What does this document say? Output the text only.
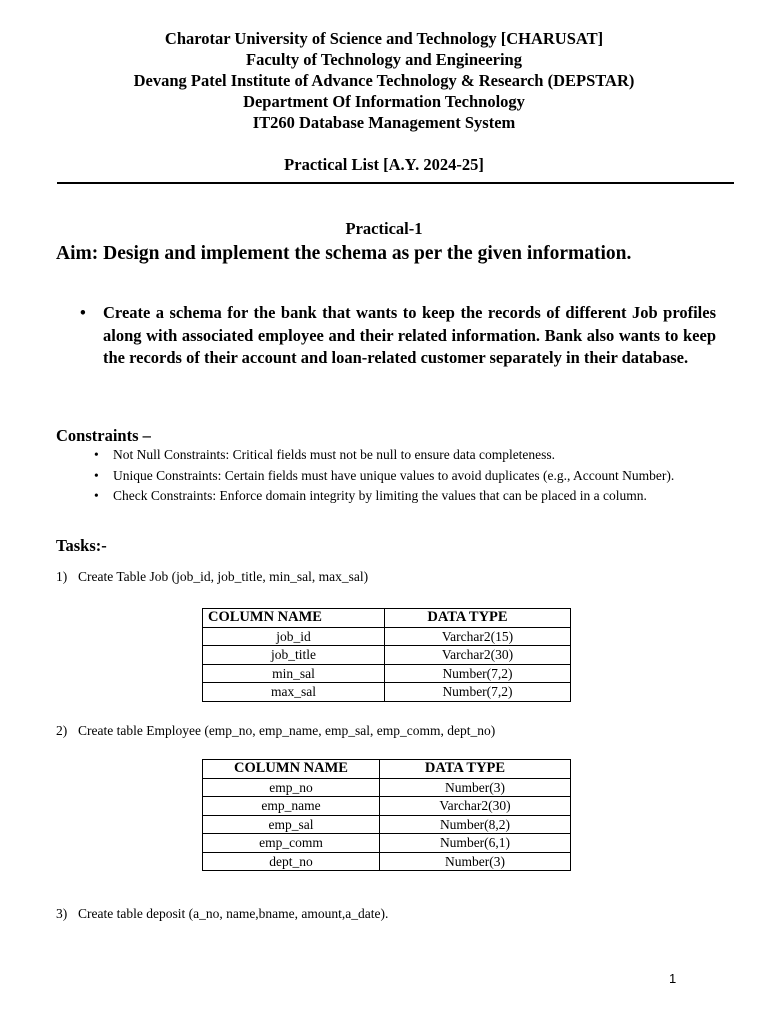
Charotar University of Science and Technology [CHARUSAT]
Faculty of Technology and Engineering
Devang Patel Institute of Advance Technology & Research (DEPSTAR)
Department Of Information Technology
IT260 Database Management System
Practical List [A.Y. 2024-25]
Practical-1
Aim: Design and implement the schema as per the given information.
• Create a schema for the bank that wants to keep the records of different Job profiles along with associated employee and their related information. Bank also wants to keep the records of their account and loan-related customer separately in their database.
Constraints –
• Not Null Constraints: Critical fields must not be null to ensure data completeness.
• Unique Constraints: Certain fields must have unique values to avoid duplicates (e.g., Account Number).
• Check Constraints: Enforce domain integrity by limiting the values that can be placed in a column.
Tasks:-
1) Create Table Job (job_id, job_title, min_sal, max_sal)
COLUMN NAME	DATA TYPE
job_id	Varchar2(15)
job_title	Varchar2(30)
min_sal	Number(7,2)
max_sal	Number(7,2)
2) Create table Employee (emp_no, emp_name, emp_sal, emp_comm, dept_no)
COLUMN NAME	DATA TYPE
emp_no	Number(3)
emp_name	Varchar2(30)
emp_sal	Number(8,2)
emp_comm	Number(6,1)
dept_no	Number(3)
3) Create table deposit (a_no, name,bname, amount,a_date).
1
